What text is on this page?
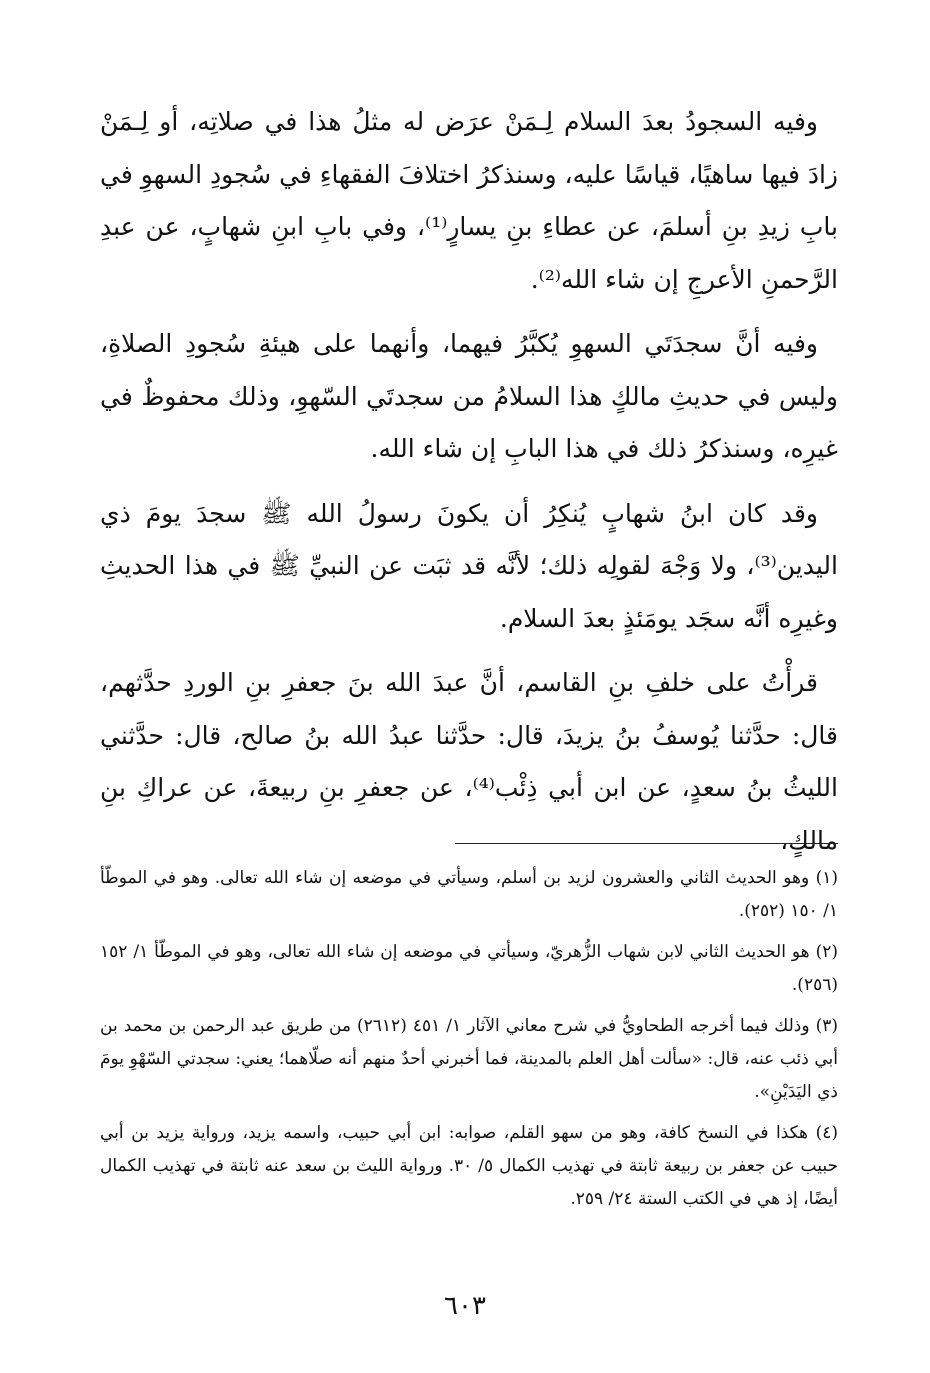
وفيه السجودُ بعدَ السلام لِـمَنْ عرَض له مثلُ هذا في صلاتِه، أو لِـمَنْ زادَ فيها ساهيًا، قياسًا عليه، وسنذكرُ اختلافَ الفقهاءِ في سُجودِ السهوِ في بابِ زيدِ بنِ أسلمَ، عن عطاءِ بنِ يسارٍ⁽¹⁾، وفي بابِ ابنِ شهابٍ، عن عبدِ الرَّحمنِ الأعرجِ إن شاء الله⁽²⁾.

وفيه أنَّ سجدَتَي السهوِ يُكبَّرُ فيهما، وأنهما على هيئةِ سُجودِ الصلاةِ، وليس في حديثِ مالكٍ هذا السلامُ من سجدتَي السّهوِ، وذلك محفوظٌ في غيرِه، وسنذكرُ ذلك في هذا البابِ إن شاء الله.

وقد كان ابنُ شهابٍ يُنكِرُ أن يكونَ رسولُ الله ﷺ سجدَ يومَ ذي اليدين⁽³⁾، ولا وَجْهَ لقولِه ذلك؛ لأنَّه قد ثبَت عن النبيِّ ﷺ في هذا الحديثِ وغيرِه أنَّه سجَد يومَئذٍ بعدَ السلام.

قرأْتُ على خلفِ بنِ القاسم، أنَّ عبدَ الله بنَ جعفرِ بنِ الوردِ حدَّثهم، قال: حدَّثنا يُوسفُ بنُ يزيدَ، قال: حدَّثنا عبدُ الله بنُ صالح، قال: حدَّثني الليثُ بنُ سعدٍ، عن ابن أبي ذِئْب⁽⁴⁾، عن جعفرِ بنِ ربيعةَ، عن عراكِ بنِ مالكٍ،

(١) وهو الحديث الثاني والعشرون لزيد بن أسلم، وسيأتي في موضعه إن شاء الله تعالى. وهو في الموطّأ ١/ ١٥٠ (٢٥٢).

(٢) هو الحديث الثاني لابن شهاب الزُّهريّ، وسيأتي في موضعه إن شاء الله تعالى، وهو في الموطّأ ١/ ١٥٢ (٢٥٦).

(٣) وذلك فيما أخرجه الطحاويُّ في شرح معاني الآثار ١/ ٤٥١ (٢٦١٢) من طريق عبد الرحمن بن محمد بن أبي ذئب عنه، قال: «سألت أهل العلم بالمدينة، فما أخبرني أحدٌ منهم أنه صلّاهما؛ يعني: سجدتي السّهْوِ يومَ ذي اليَدَيْنِ».

(٤) هكذا في النسخ كافة، وهو من سهو القلم، صوابه: ابن أبي حبيب، واسمه يزيد، ورواية يزيد بن أبي حبيب عن جعفر بن ربيعة ثابتة في تهذيب الكمال ٥/ ٣٠. ورواية الليث بن سعد عنه ثابتة في تهذيب الكمال أيضًا، إذ هي في الكتب الستة ٢٤/ ٢٥٩.

٦٠٣
